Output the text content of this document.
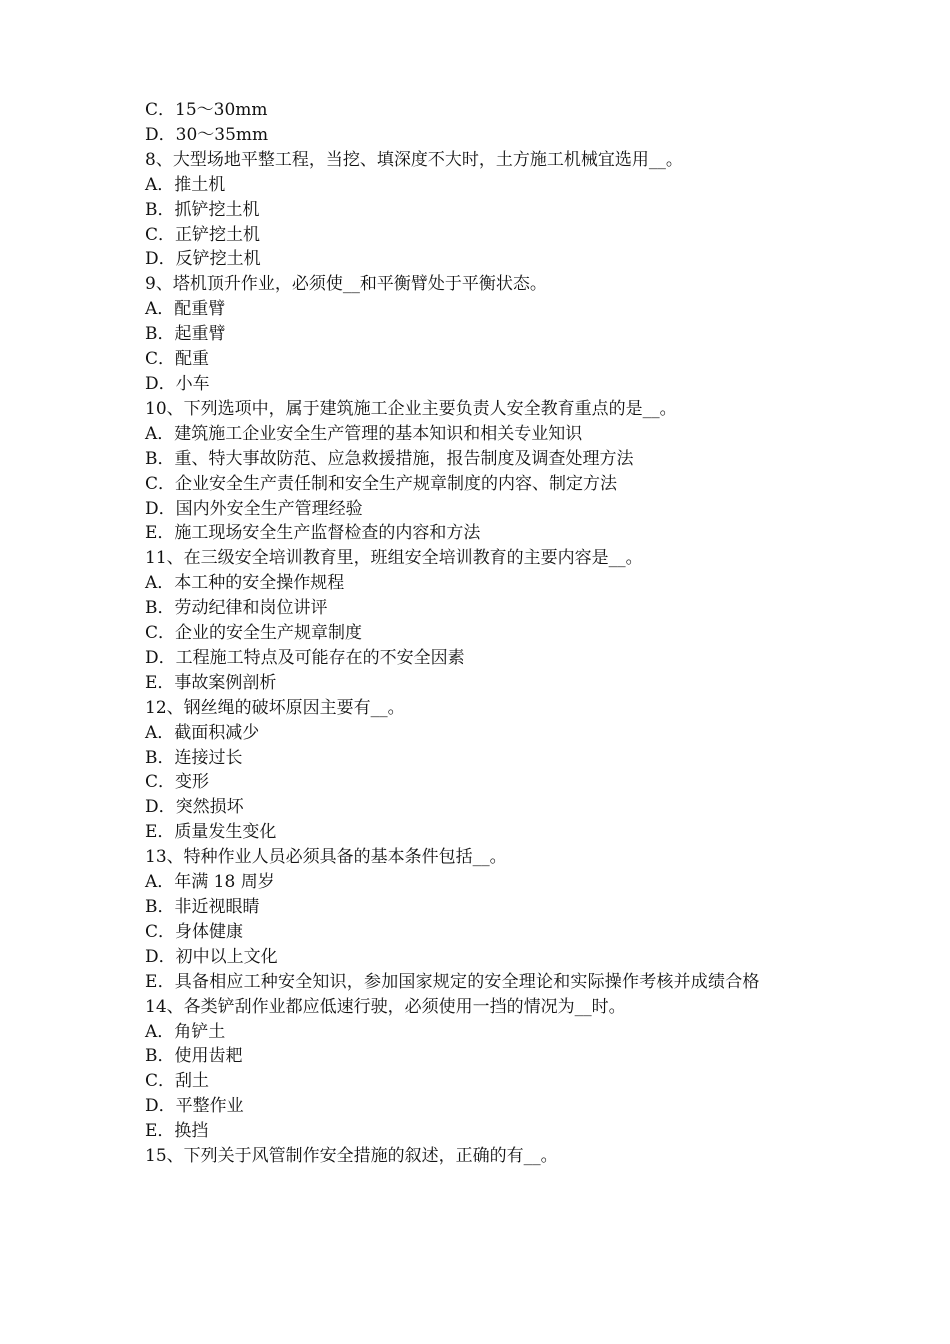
C．15～30mm

D．30～35mm

8、大型场地平整工程，当挖、填深度不大时，土方施工机械宜选用__。

A．推土机

B．抓铲挖土机

C．正铲挖土机

D．反铲挖土机

9、塔机顶升作业，必须使__和平衡臂处于平衡状态。

A．配重臂

B．起重臂

C．配重

D．小车

10、下列选项中，属于建筑施工企业主要负责人安全教育重点的是__。

A．建筑施工企业安全生产管理的基本知识和相关专业知识

B．重、特大事故防范、应急救援措施，报告制度及调查处理方法

C．企业安全生产责任制和安全生产规章制度的内容、制定方法

D．国内外安全生产管理经验

E．施工现场安全生产监督检查的内容和方法

11、在三级安全培训教育里，班组安全培训教育的主要内容是__。

A．本工种的安全操作规程

B．劳动纪律和岗位讲评

C．企业的安全生产规章制度

D．工程施工特点及可能存在的不安全因素

E．事故案例剖析

12、钢丝绳的破坏原因主要有__。

A．截面积减少

B．连接过长

C．变形

D．突然损坏

E．质量发生变化

13、特种作业人员必须具备的基本条件包括__。

A．年满 18 周岁

B．非近视眼睛

C．身体健康

D．初中以上文化

E．具备相应工种安全知识，参加国家规定的安全理论和实际操作考核并成绩合格

14、各类铲刮作业都应低速行驶，必须使用一挡的情况为__时。

A．角铲土

B．使用齿耙

C．刮土

D．平整作业

E．换挡

15、下列关于风管制作安全措施的叙述，正确的有__。
